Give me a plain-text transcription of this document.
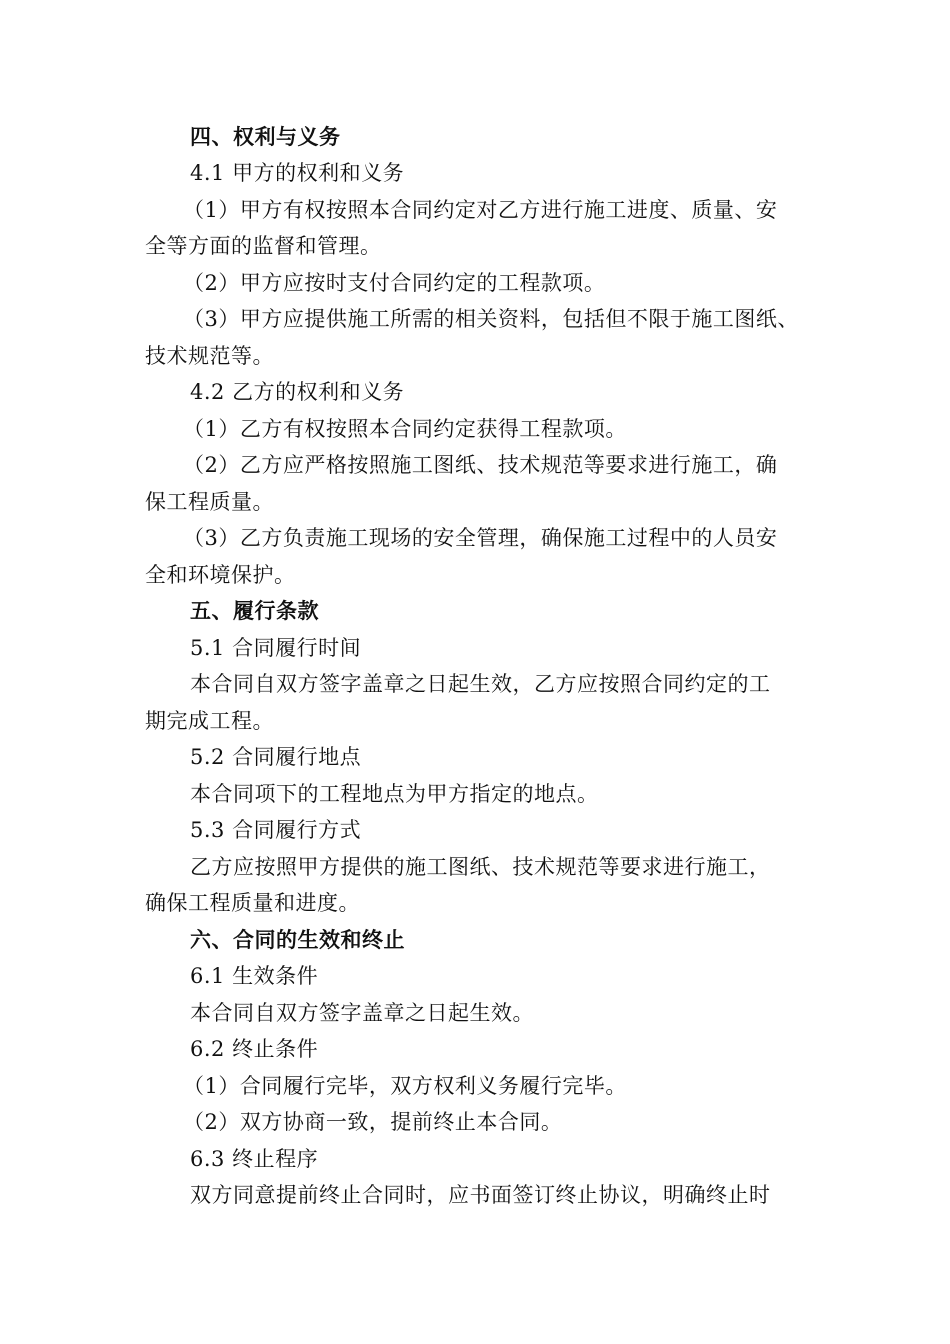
四、权利与义务
4.1 甲方的权利和义务
（1）甲方有权按照本合同约定对乙方进行施工进度、质量、安
全等方面的监督和管理。
（2）甲方应按时支付合同约定的工程款项。
（3）甲方应提供施工所需的相关资料，包括但不限于施工图纸、
技术规范等。
4.2 乙方的权利和义务
（1）乙方有权按照本合同约定获得工程款项。
（2）乙方应严格按照施工图纸、技术规范等要求进行施工，确
保工程质量。
（3）乙方负责施工现场的安全管理，确保施工过程中的人员安
全和环境保护。
五、履行条款
5.1 合同履行时间
本合同自双方签字盖章之日起生效，乙方应按照合同约定的工
期完成工程。
5.2 合同履行地点
本合同项下的工程地点为甲方指定的地点。
5.3 合同履行方式
乙方应按照甲方提供的施工图纸、技术规范等要求进行施工，
确保工程质量和进度。
六、合同的生效和终止
6.1 生效条件
本合同自双方签字盖章之日起生效。
6.2 终止条件
（1）合同履行完毕，双方权利义务履行完毕。
（2）双方协商一致，提前终止本合同。
6.3 终止程序
双方同意提前终止合同时，应书面签订终止协议，明确终止时
